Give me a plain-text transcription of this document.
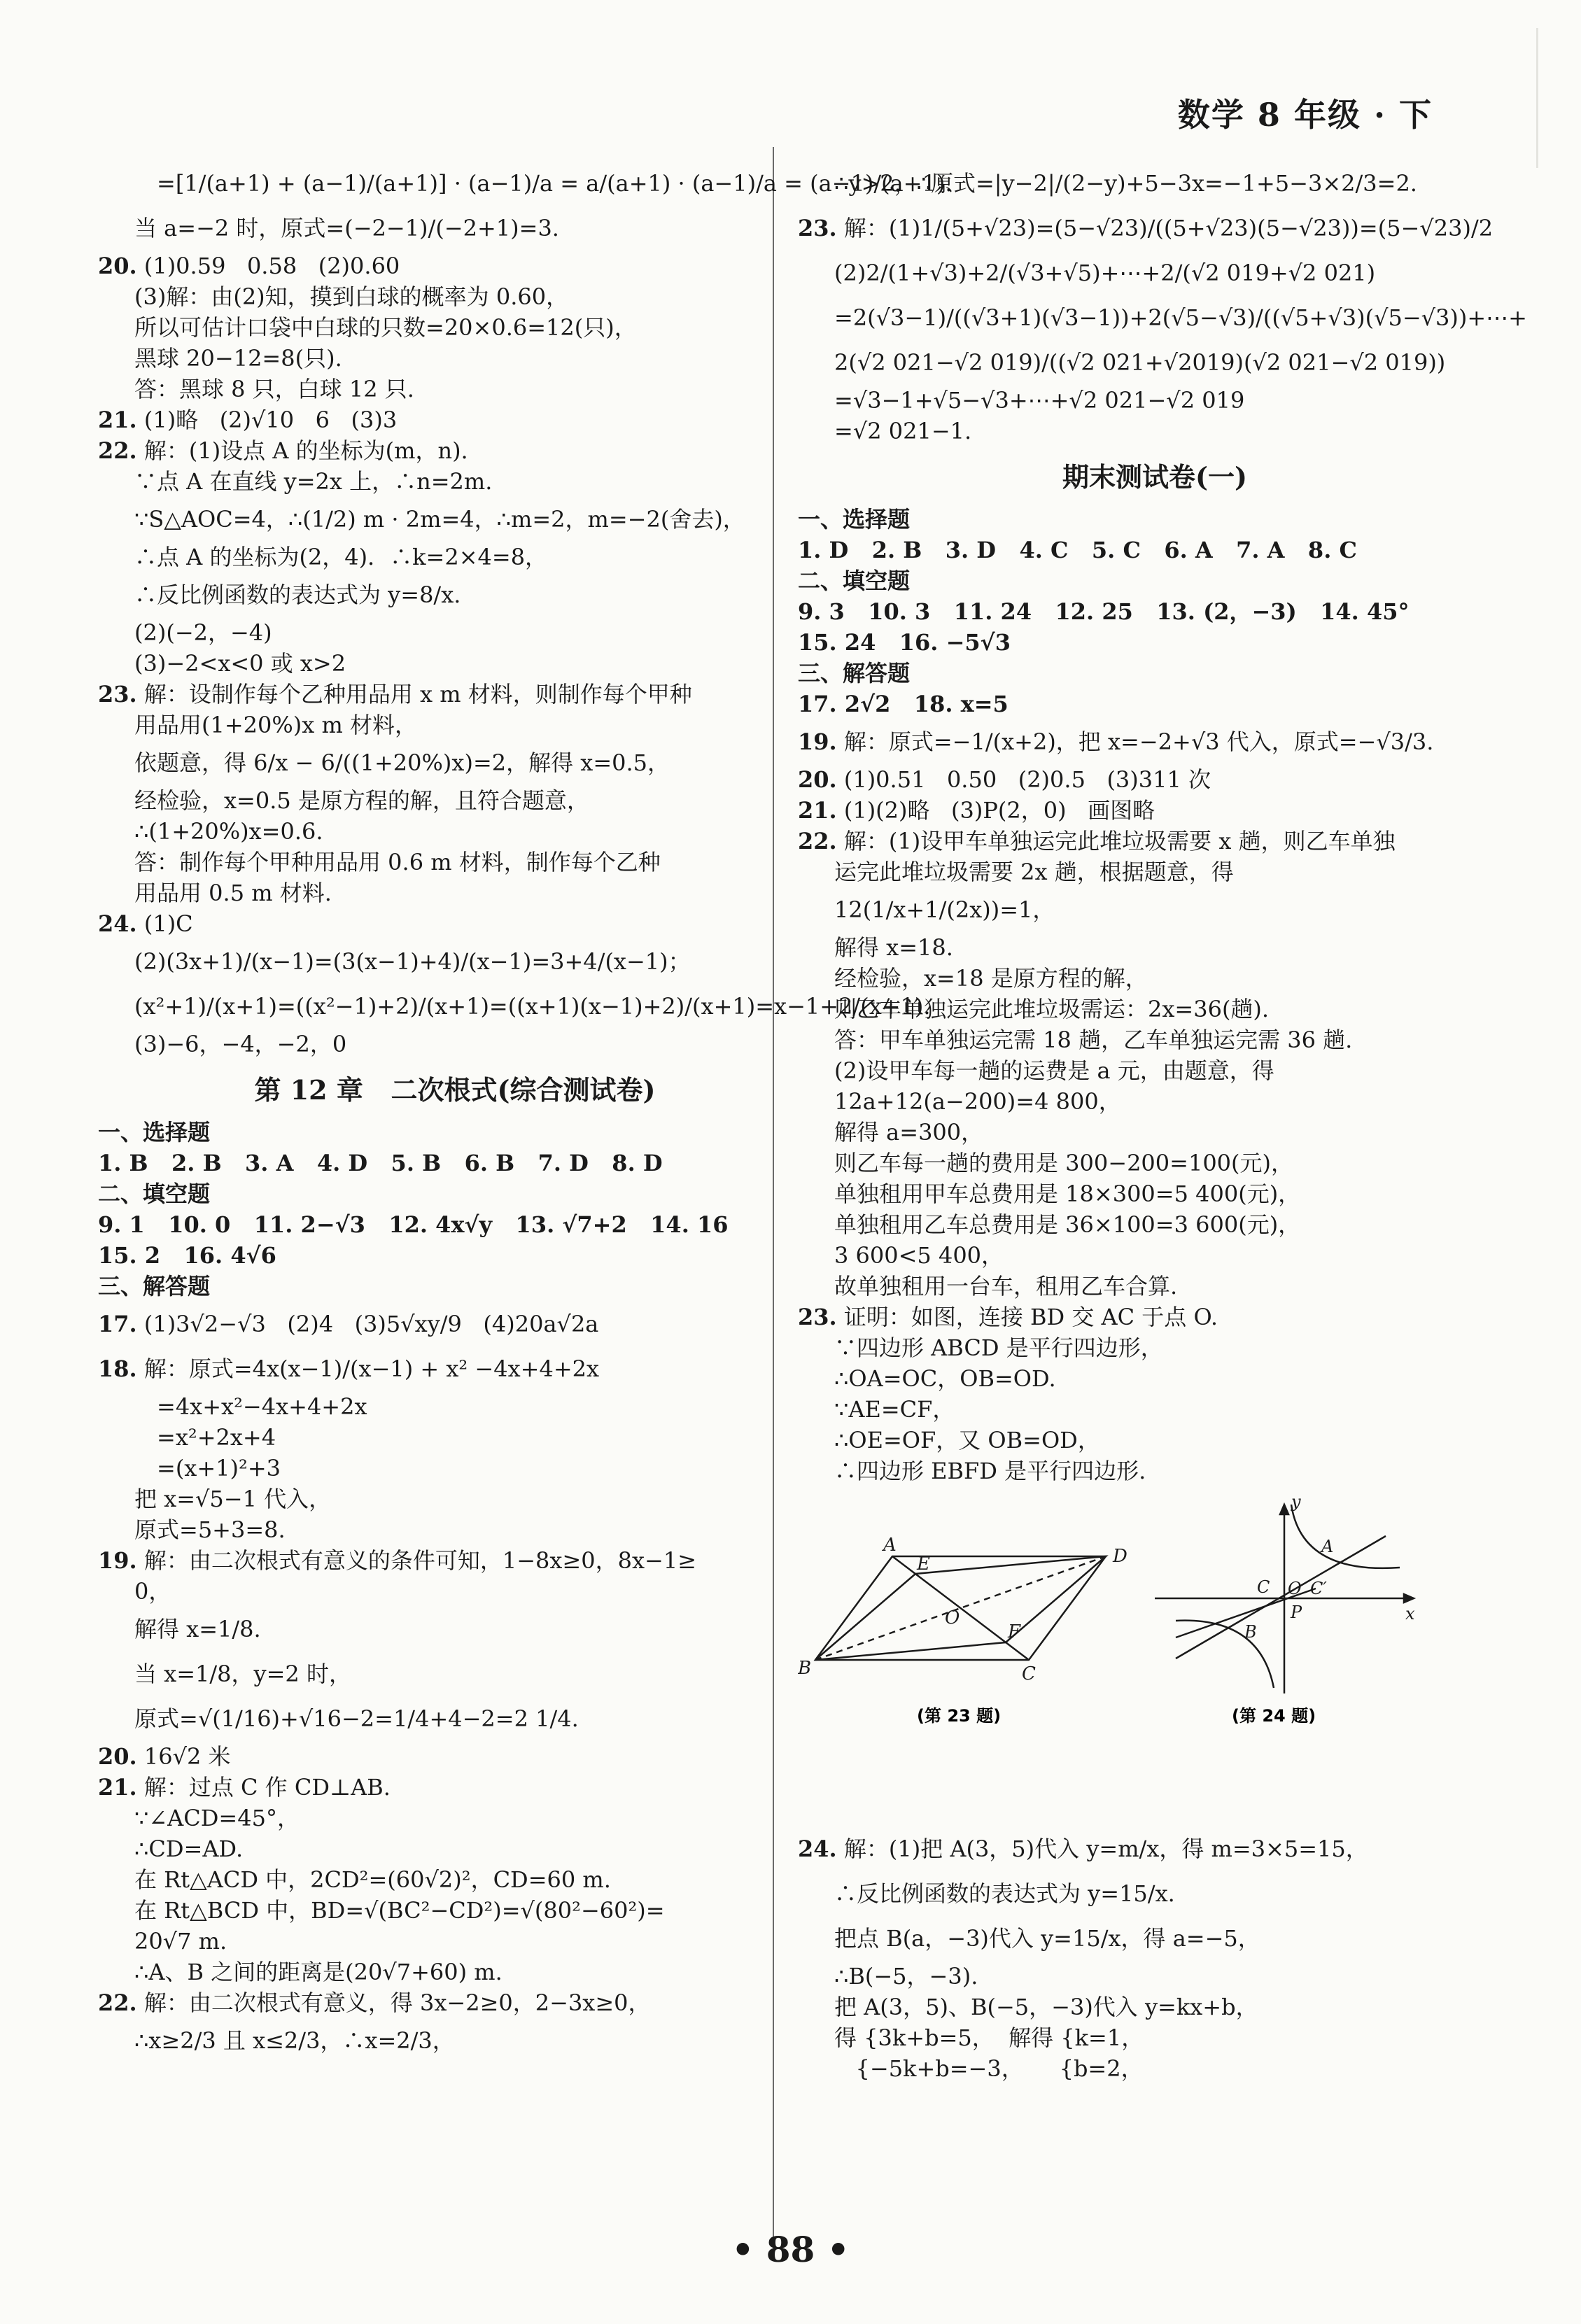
数学 8 年级 · 下
=[1/(a+1) + (a−1)/(a+1)] · (a−1)/a = a/(a+1) · (a−1)/a = (a−1)/(a+1).
当 a=−2 时，原式=(−2−1)/(−2+1)=3.
20. (1)0.59   0.58   (2)0.60
(3)解：由(2)知，摸到白球的概率为 0.60，
所以可估计口袋中白球的只数=20×0.6=12(只)，
黑球 20−12=8(只).
答：黑球 8 只，白球 12 只.
21. (1)略   (2)√10   6   (3)3
22. 解：(1)设点 A 的坐标为(m，n).
∵点 A 在直线 y=2x 上，∴n=2m.
∵S△AOC=4，∴(1/2) m · 2m=4，∴m=2，m=−2(舍去)，
∴点 A 的坐标为(2，4)．∴k=2×4=8，
∴反比例函数的表达式为 y=8/x.
(2)(−2，−4)
(3)−2<x<0 或 x>2
23. 解：设制作每个乙种用品用 x m 材料，则制作每个甲种
用品用(1+20%)x m 材料，
依题意，得 6/x − 6/((1+20%)x)=2，解得 x=0.5，
经检验，x=0.5 是原方程的解，且符合题意，
∴(1+20%)x=0.6.
答：制作每个甲种用品用 0.6 m 材料，制作每个乙种
用品用 0.5 m 材料.
24. (1)C
(2)(3x+1)/(x−1)=(3(x−1)+4)/(x−1)=3+4/(x−1)；
(x²+1)/(x+1)=((x²−1)+2)/(x+1)=((x+1)(x−1)+2)/(x+1)=x−1+2/(x+1).
(3)−6，−4，−2，0
第 12 章   二次根式(综合测试卷)
一、选择题
1. B   2. B   3. A   4. D   5. B   6. B   7. D   8. D
二、填空题
9. 1   10. 0   11. 2−√3   12. 4x√y   13. √7+2   14. 16
15. 2   16. 4√6
三、解答题
17. (1)3√2−√3   (2)4   (3)5√xy/9   (4)20a√2a
18. 解：原式=4x(x−1)/(x−1) + x² −4x+4+2x
=4x+x²−4x+4+2x
=x²+2x+4
=(x+1)²+3
把 x=√5−1 代入，
原式=5+3=8.
19. 解：由二次根式有意义的条件可知，1−8x≥0，8x−1≥
0，
解得 x=1/8.
当 x=1/8，y=2 时，
原式=√(1/16)+√16−2=1/4+4−2=2 1/4.
20. 16√2 米
21. 解：过点 C 作 CD⊥AB.
∵∠ACD=45°，
∴CD=AD.
在 Rt△ACD 中，2CD²=(60√2)²，CD=60 m.
在 Rt△BCD 中，BD=√(BC²−CD²)=√(80²−60²)=
20√7 m.
∴A、B 之间的距离是(20√7+60) m.
22. 解：由二次根式有意义，得 3x−2≥0，2−3x≥0，
∴x≥2/3 且 x≤2/3，∴x=2/3，
∴y>2，∴原式=|y−2|/(2−y)+5−3x=−1+5−3×2/3=2.
23. 解：(1)1/(5+√23)=(5−√23)/((5+√23)(5−√23))=(5−√23)/2
(2)2/(1+√3)+2/(√3+√5)+⋯+2/(√2 019+√2 021)
=2(√3−1)/((√3+1)(√3−1))+2(√5−√3)/((√5+√3)(√5−√3))+⋯+
2(√2 021−√2 019)/((√2 021+√2019)(√2 021−√2 019))
=√3−1+√5−√3+⋯+√2 021−√2 019
=√2 021−1.
期末测试卷(一)
一、选择题
1. D   2. B   3. D   4. C   5. C   6. A   7. A   8. C
二、填空题
9. 3   10. 3   11. 24   12. 25   13. (2，−3)   14. 45°
15. 24   16. −5√3
三、解答题
17. 2√2   18. x=5
19. 解：原式=−1/(x+2)，把 x=−2+√3 代入，原式=−√3/3.
20. (1)0.51   0.50   (2)0.5   (3)311 次
21. (1)(2)略   (3)P(2，0)   画图略
22. 解：(1)设甲车单独运完此堆垃圾需要 x 趟，则乙车单独
运完此堆垃圾需要 2x 趟，根据题意，得
12(1/x+1/(2x))=1，
解得 x=18.
经检验，x=18 是原方程的解，
则乙车单独运完此堆垃圾需运：2x=36(趟).
答：甲车单独运完需 18 趟，乙车单独运完需 36 趟.
(2)设甲车每一趟的运费是 a 元，由题意，得
12a+12(a−200)=4 800，
解得 a=300，
则乙车每一趟的费用是 300−200=100(元)，
单独租用甲车总费用是 18×300=5 400(元)，
单独租用乙车总费用是 36×100=3 600(元)，
3 600<5 400，
故单独租用一台车，租用乙车合算.
23. 证明：如图，连接 BD 交 AC 于点 O.
∵四边形 ABCD 是平行四边形，
∴OA=OC，OB=OD.
∵AE=CF，
∴OE=OF，又 OB=OD，
∴四边形 EBFD 是平行四边形.
A
B	C
D
E
F
O
(第 23 题)
y
A
C O C′
x
B
P
(第 24 题)
24. 解：(1)把 A(3，5)代入 y=m/x，得 m=3×5=15，
∴反比例函数的表达式为 y=15/x.
把点 B(a，−3)代入 y=15/x，得 a=−5，
∴B(−5，−3).
把 A(3，5)、B(−5，−3)代入 y=kx+b，
得 {3k+b=5，  解得 {k=1，
{−5k+b=−3，     {b=2，
• 88 •
